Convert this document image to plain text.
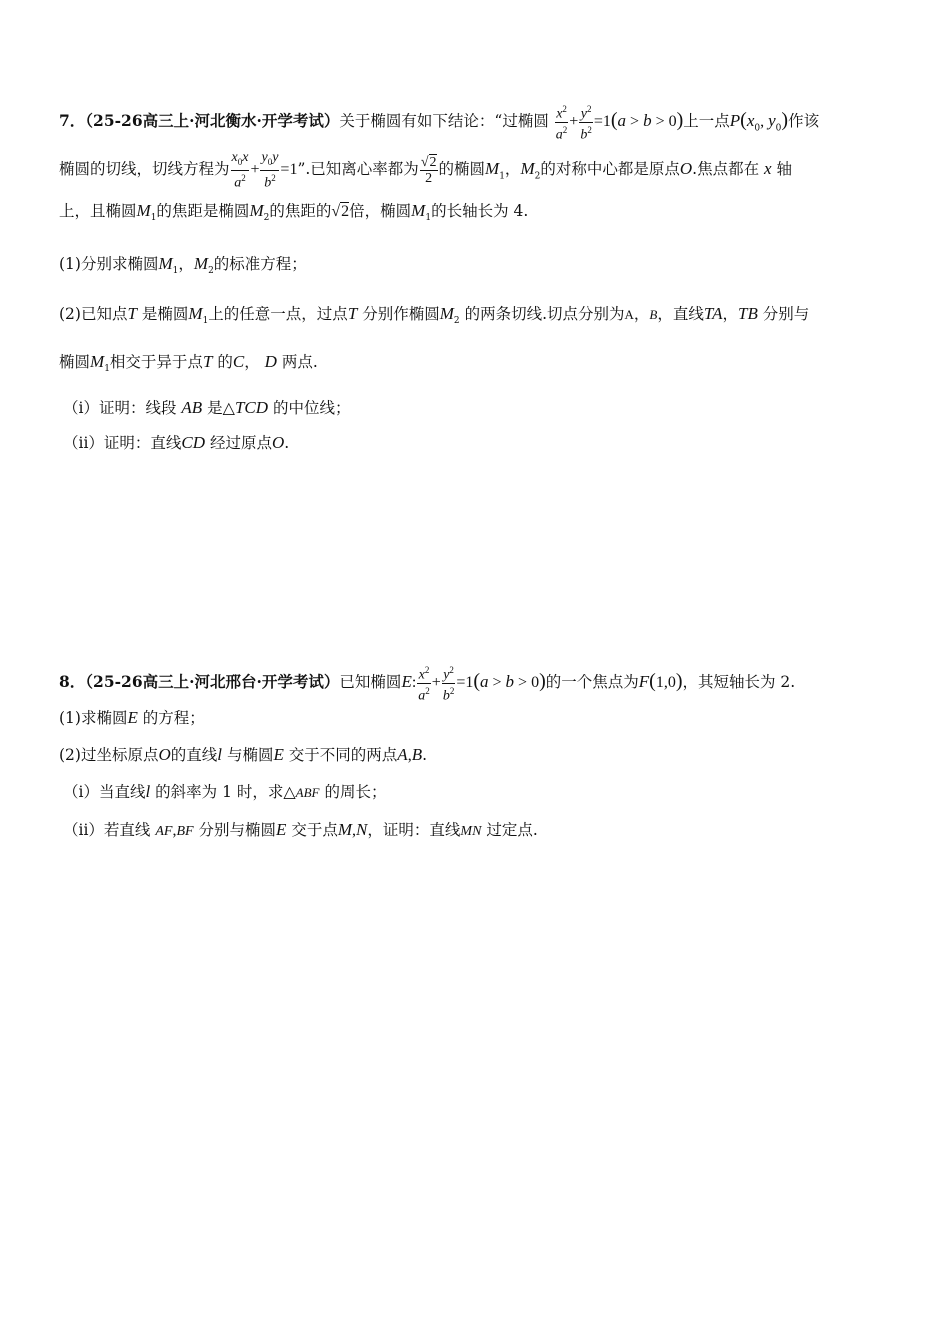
7．（25-26高三上·河北衡水·开学考试）关于椭圆有如下结论：“过椭圆 $\frac{x^2}{a^2} + \frac{y^2}{b^2} =1(a > b > 0)$上一点$P(x_0$, $y_0$)作该
椭圆的切线，切线方程为 $\frac{x_0x}{a^2} + \frac{y_0y}{b^2} =1$”.已知离心率都为 $\frac{√2}{2}$ 的椭圆$M_1$，$M_2$的对称中心都是原点O.焦点都在 x 轴
上，且椭圆$M_1$的焦距是椭圆$M_2$的焦距的√2倍，椭圆$M_1$的长轴长为 4.
(1)分别求椭圆$M_1$，$M_2$的标准方程；
(2)已知点T 是椭圆$M_1$上的任意一点，过点T 分别作椭圆$M_2$ 的两条切线.切点分别为A，B，直线TA，TB 分别与
椭圆$M_1$相交于异于点T 的C， D 两点.
（i）证明：线段 AB 是△TCD 的中位线；
（ii）证明：直线CD 经过原点O.
8．（25-26高三上·河北邢台·开学考试）已知椭圆E: $\frac{x^2}{a^2} + \frac{y^2}{b^2} =1(a > b > 0)$的一个焦点为F(1,0)，其短轴长为 2.
(1)求椭圆E 的方程；
(2)过坐标原点O的直线l 与椭圆E 交于不同的两点A,B.
（i）当直线l 的斜率为 1 时，求△ABF 的周长；
（ii）若直线 AF,BF 分别与椭圆E 交于点M,N，证明：直线MN 过定点.
